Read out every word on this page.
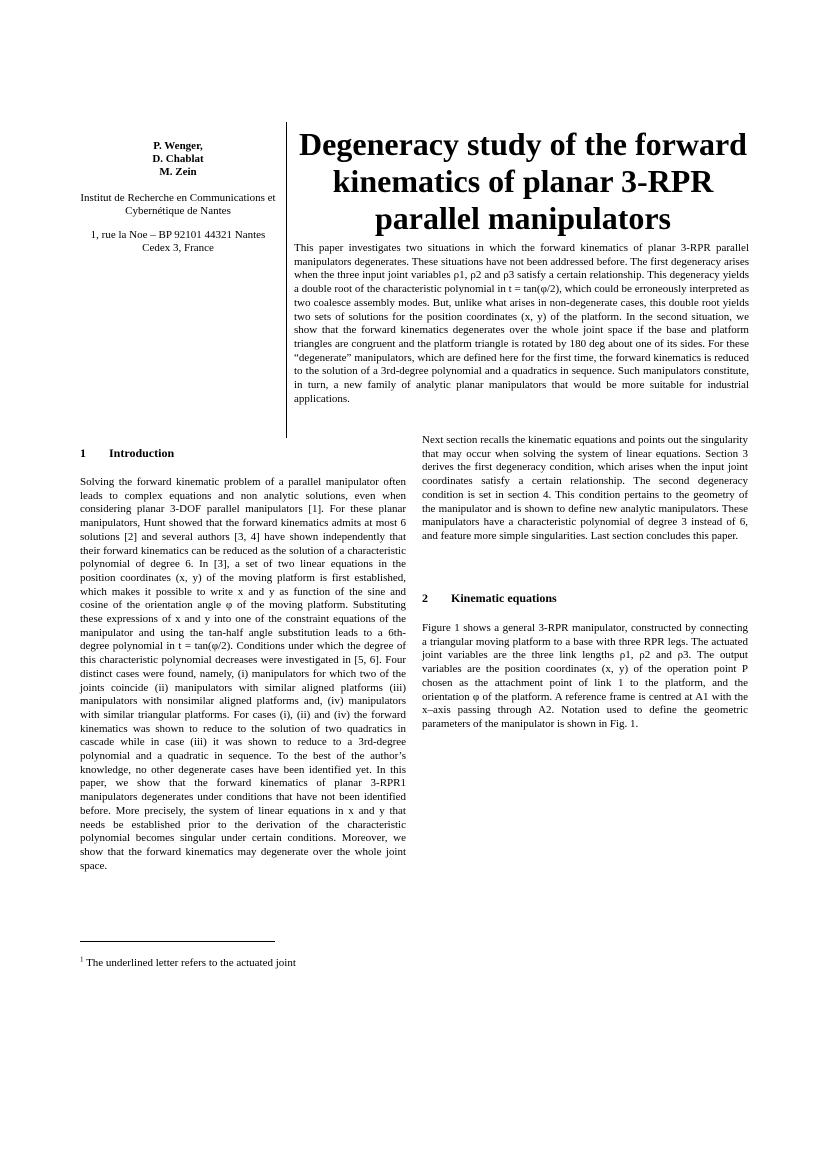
P. Wenger,
D. Chablat
M. Zein
Institut de Recherche en Communications et Cybernétique de Nantes
1, rue la Noe – BP 92101 44321 Nantes Cedex 3, France
Degeneracy study of the forward kinematics of planar 3-RPR parallel manipulators
This paper investigates two situations in which the forward kinematics of planar 3-RPR parallel manipulators degenerates. These situations have not been addressed before. The first degeneracy arises when the three input joint variables ρ1, ρ2 and ρ3 satisfy a certain relationship. This degeneracy yields a double root of the characteristic polynomial in t = tan(φ/2), which could be erroneously interpreted as two coalesce assembly modes. But, unlike what arises in non-degenerate cases, this double root yields two sets of solutions for the position coordinates (x, y) of the platform. In the second situation, we show that the forward kinematics degenerates over the whole joint space if the base and platform triangles are congruent and the platform triangle is rotated by 180 deg about one of its sides. For these “degenerate” manipulators, which are defined here for the first time, the forward kinematics is reduced to the solution of a 3rd-degree polynomial and a quadratics in sequence. Such manipulators constitute, in turn, a new family of analytic planar manipulators that would be more suitable for industrial applications.
1 Introduction
Solving the forward kinematic problem of a parallel manipulator often leads to complex equations and non analytic solutions, even when considering planar 3-DOF parallel manipulators [1]. For these planar manipulators, Hunt showed that the forward kinematics admits at most 6 solutions [2] and several authors [3, 4] have shown independently that their forward kinematics can be reduced as the solution of a characteristic polynomial of degree 6. In [3], a set of two linear equations in the position coordinates (x, y) of the moving platform is first established, which makes it possible to write x and y as function of the sine and cosine of the orientation angle φ of the moving platform. Substituting these expressions of x and y into one of the constraint equations of the manipulator and using the tan-half angle substitution leads to a 6th-degree polynomial in t = tan(φ/2). Conditions under which the degree of this characteristic polynomial decreases were investigated in [5, 6]. Four distinct cases were found, namely, (i) manipulators for which two of the joints coincide (ii) manipulators with similar aligned platforms (iii) manipulators with nonsimilar aligned platforms and, (iv) manipulators with similar triangular platforms. For cases (i), (ii) and (iv) the forward kinematics was shown to reduce to the solution of two quadratics in cascade while in case (iii) it was shown to reduce to a 3rd-degree polynomial and a quadratic in sequence. To the best of the author’s knowledge, no other degenerate cases have been identified yet. In this paper, we show that the forward kinematics of planar 3-RPR1 manipulators degenerates under conditions that have not been identified before. More precisely, the system of linear equations in x and y that needs be established prior to the derivation of the characteristic polynomial becomes singular under certain conditions. Moreover, we show that the forward kinematics may degenerate over the whole joint space.
Next section recalls the kinematic equations and points out the singularity that may occur when solving the system of linear equations. Section 3 derives the first degeneracy condition, which arises when the input joint coordinates satisfy a certain relationship. The second degeneracy condition is set in section 4. This condition pertains to the geometry of the manipulator and is shown to define new analytic manipulators. These manipulators have a characteristic polynomial of degree 3 instead of 6, and feature more simple singularities. Last section concludes this paper.
2 Kinematic equations
Figure 1 shows a general 3-RPR manipulator, constructed by connecting a triangular moving platform to a base with three RPR legs. The actuated joint variables are the three link lengths ρ1, ρ2 and ρ3. The output variables are the position coordinates (x, y) of the operation point P chosen as the attachment point of link 1 to the platform, and the orientation φ of the platform. A reference frame is centred at A1 with the x–axis passing through A2. Notation used to define the geometric parameters of the manipulator is shown in Fig. 1.
$^1$ The underlined letter refers to the actuated joint
